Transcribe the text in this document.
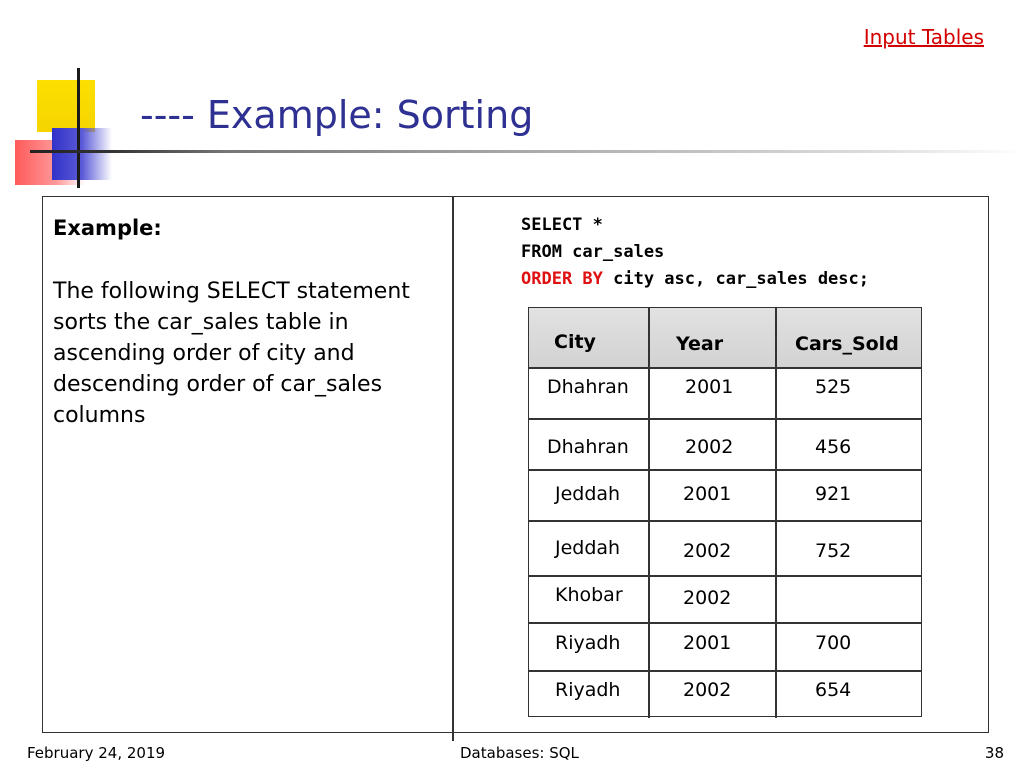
Input Tables
---- Example: Sorting
Example:
The following SELECT statement sorts the car_sales table in ascending order of city and descending order of car_sales columns
SELECT *
FROM car_sales
ORDER BY city asc, car_sales desc;
City	Year	Cars_Sold
Dhahran	2001	525
Dhahran	2002	456
Jeddah	2001	921
Jeddah	2002	752
Khobar	2002
Riyadh	2001	700
Riyadh	2002	654
February 24, 2019	Databases: SQL	38
